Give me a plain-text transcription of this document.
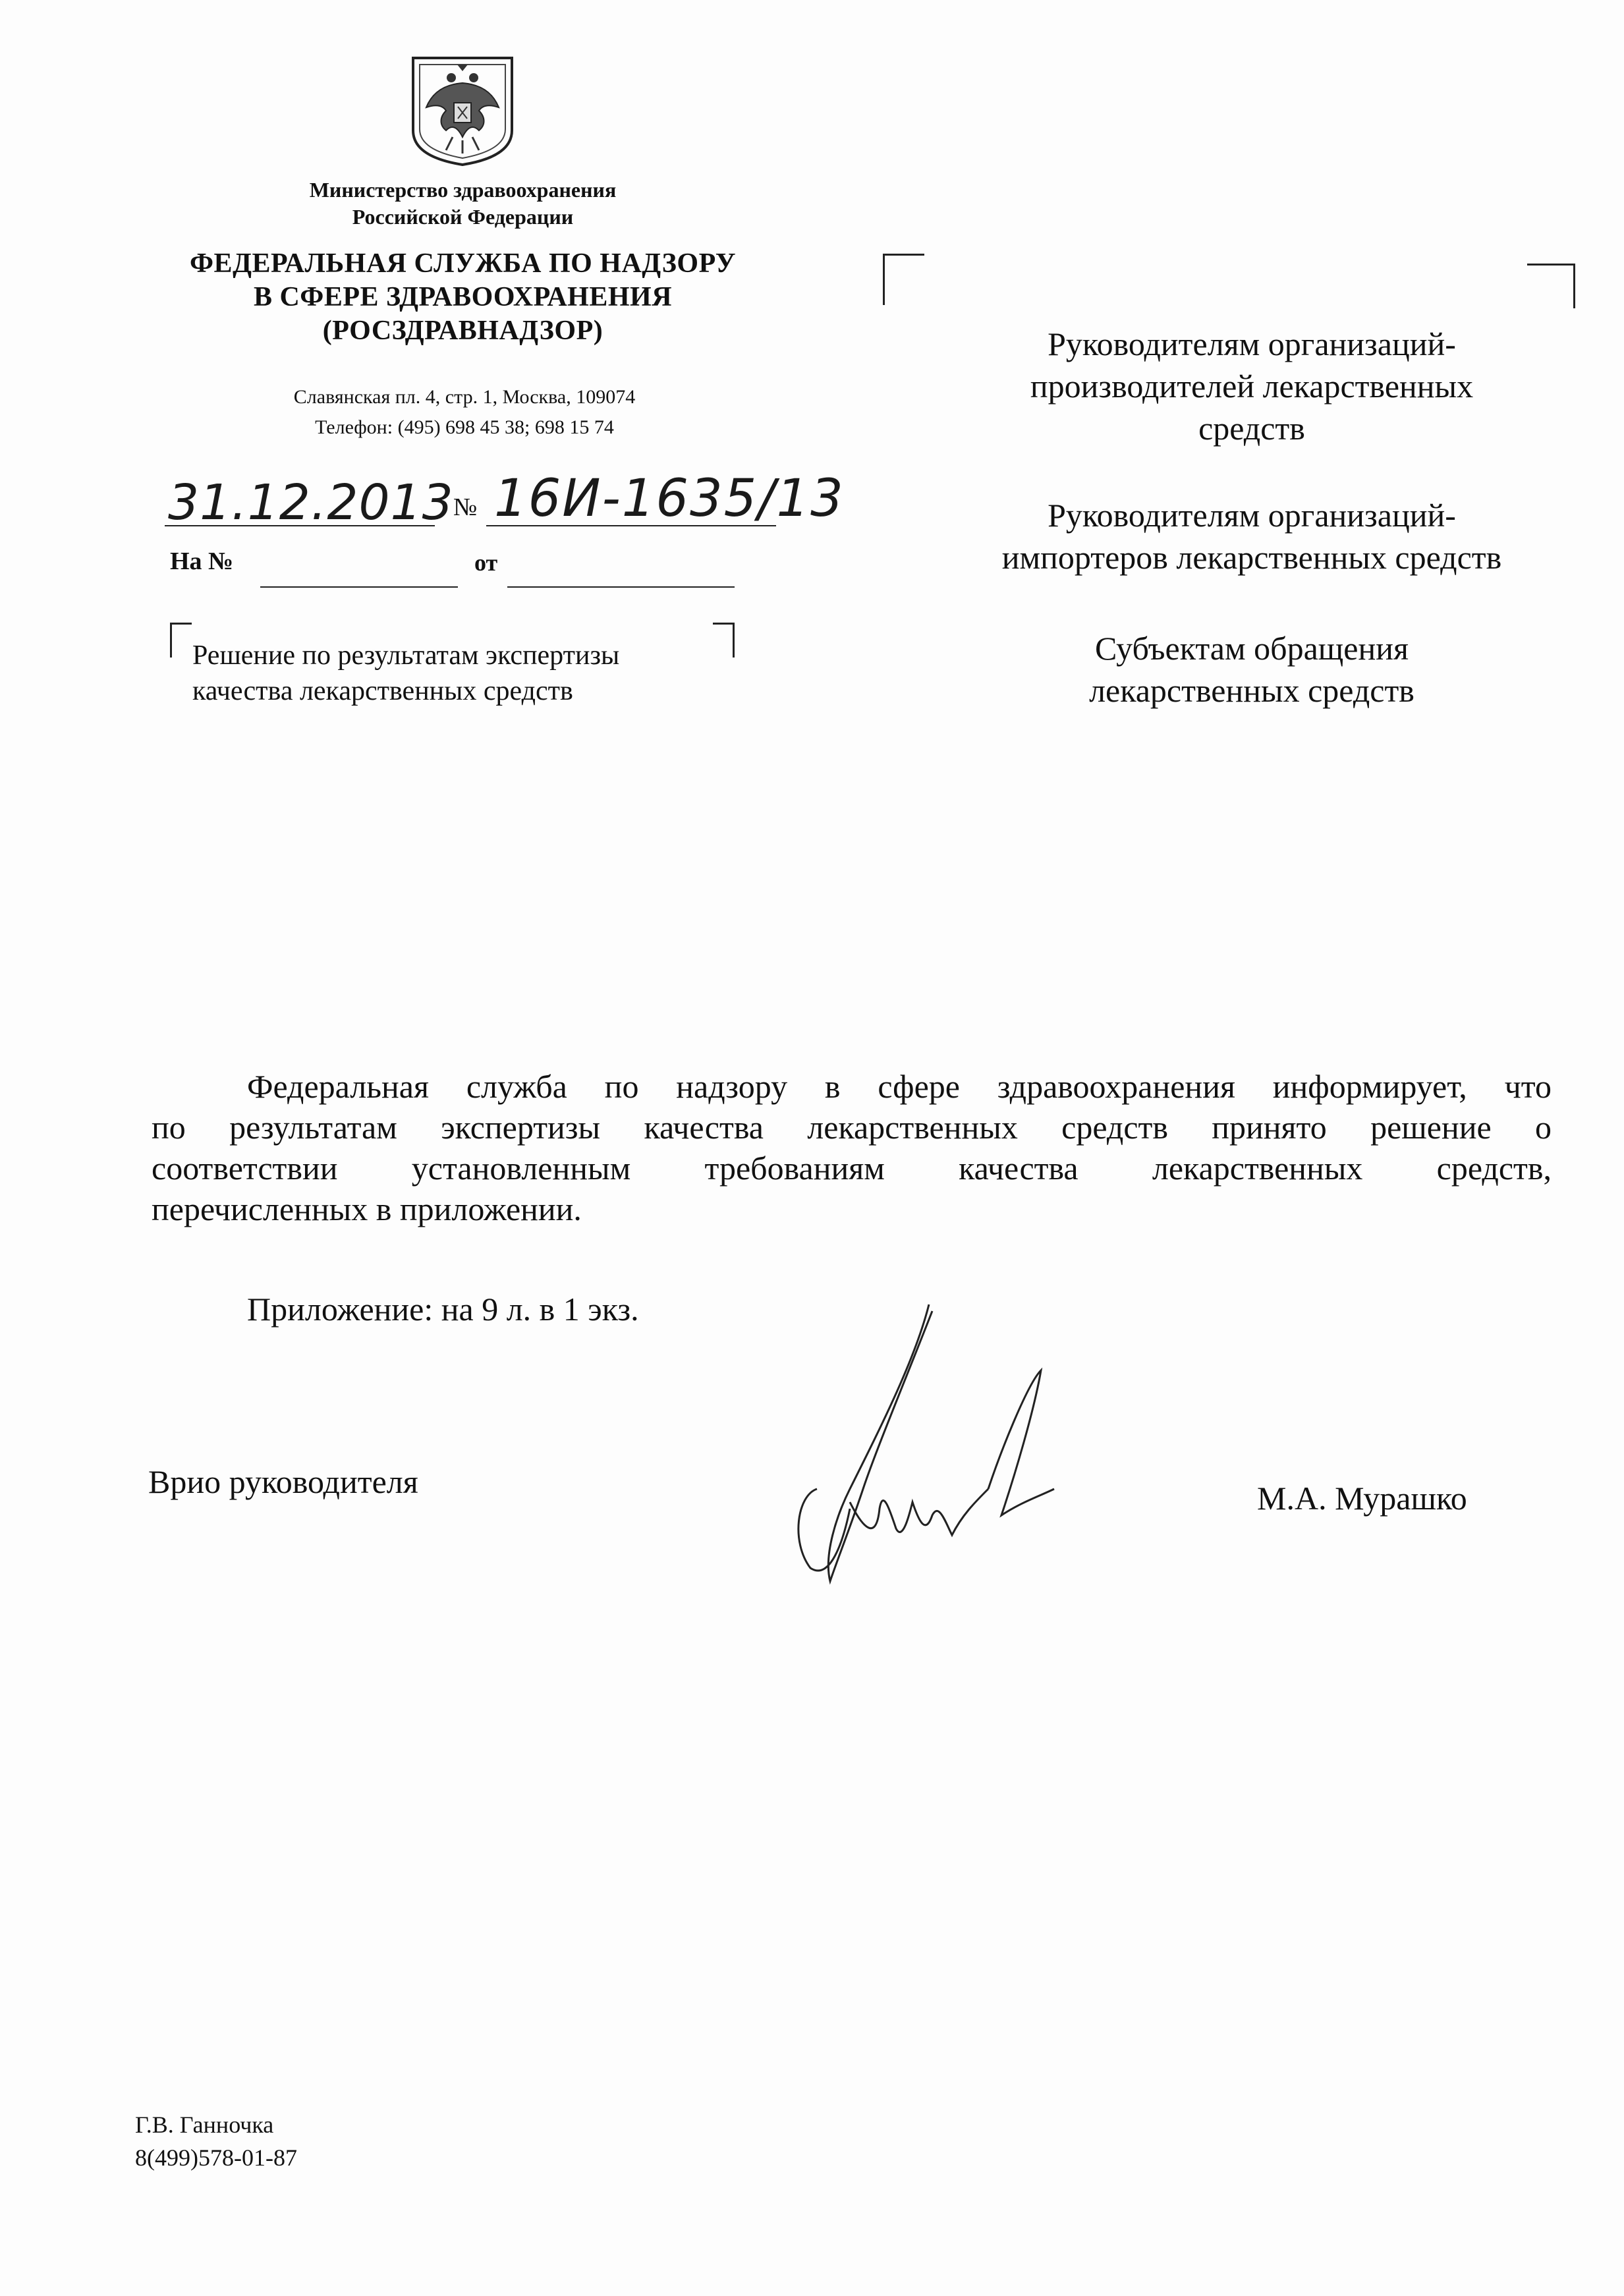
Министерство здравоохранения
Российской Федерации
ФЕДЕРАЛЬНАЯ СЛУЖБА ПО НАДЗОРУ
В СФЕРЕ ЗДРАВООХРАНЕНИЯ
(РОСЗДРАВНАДЗОР)
Славянская пл. 4, стр. 1, Москва, 109074
Телефон: (495) 698 45 38; 698 15 74
31.12.2013 № 16И-1635/13
На №	от
Решение по результатам экспертизы
качества лекарственных средств
Руководителям организаций-
производителей лекарственных
средств
Руководителям организаций-
импортеров лекарственных средств
Субъектам обращения
лекарственных средств
Федеральная служба по надзору в сфере здравоохранения информирует, что
по результатам экспертизы качества лекарственных средств принято решение о
соответствии установленным требованиям качества лекарственных средств,
перечисленных в приложении.
Приложение: на 9 л. в 1 экз.
Врио руководителя	М.А. Мурашко
Г.В. Ганночка
8(499)578-01-87
